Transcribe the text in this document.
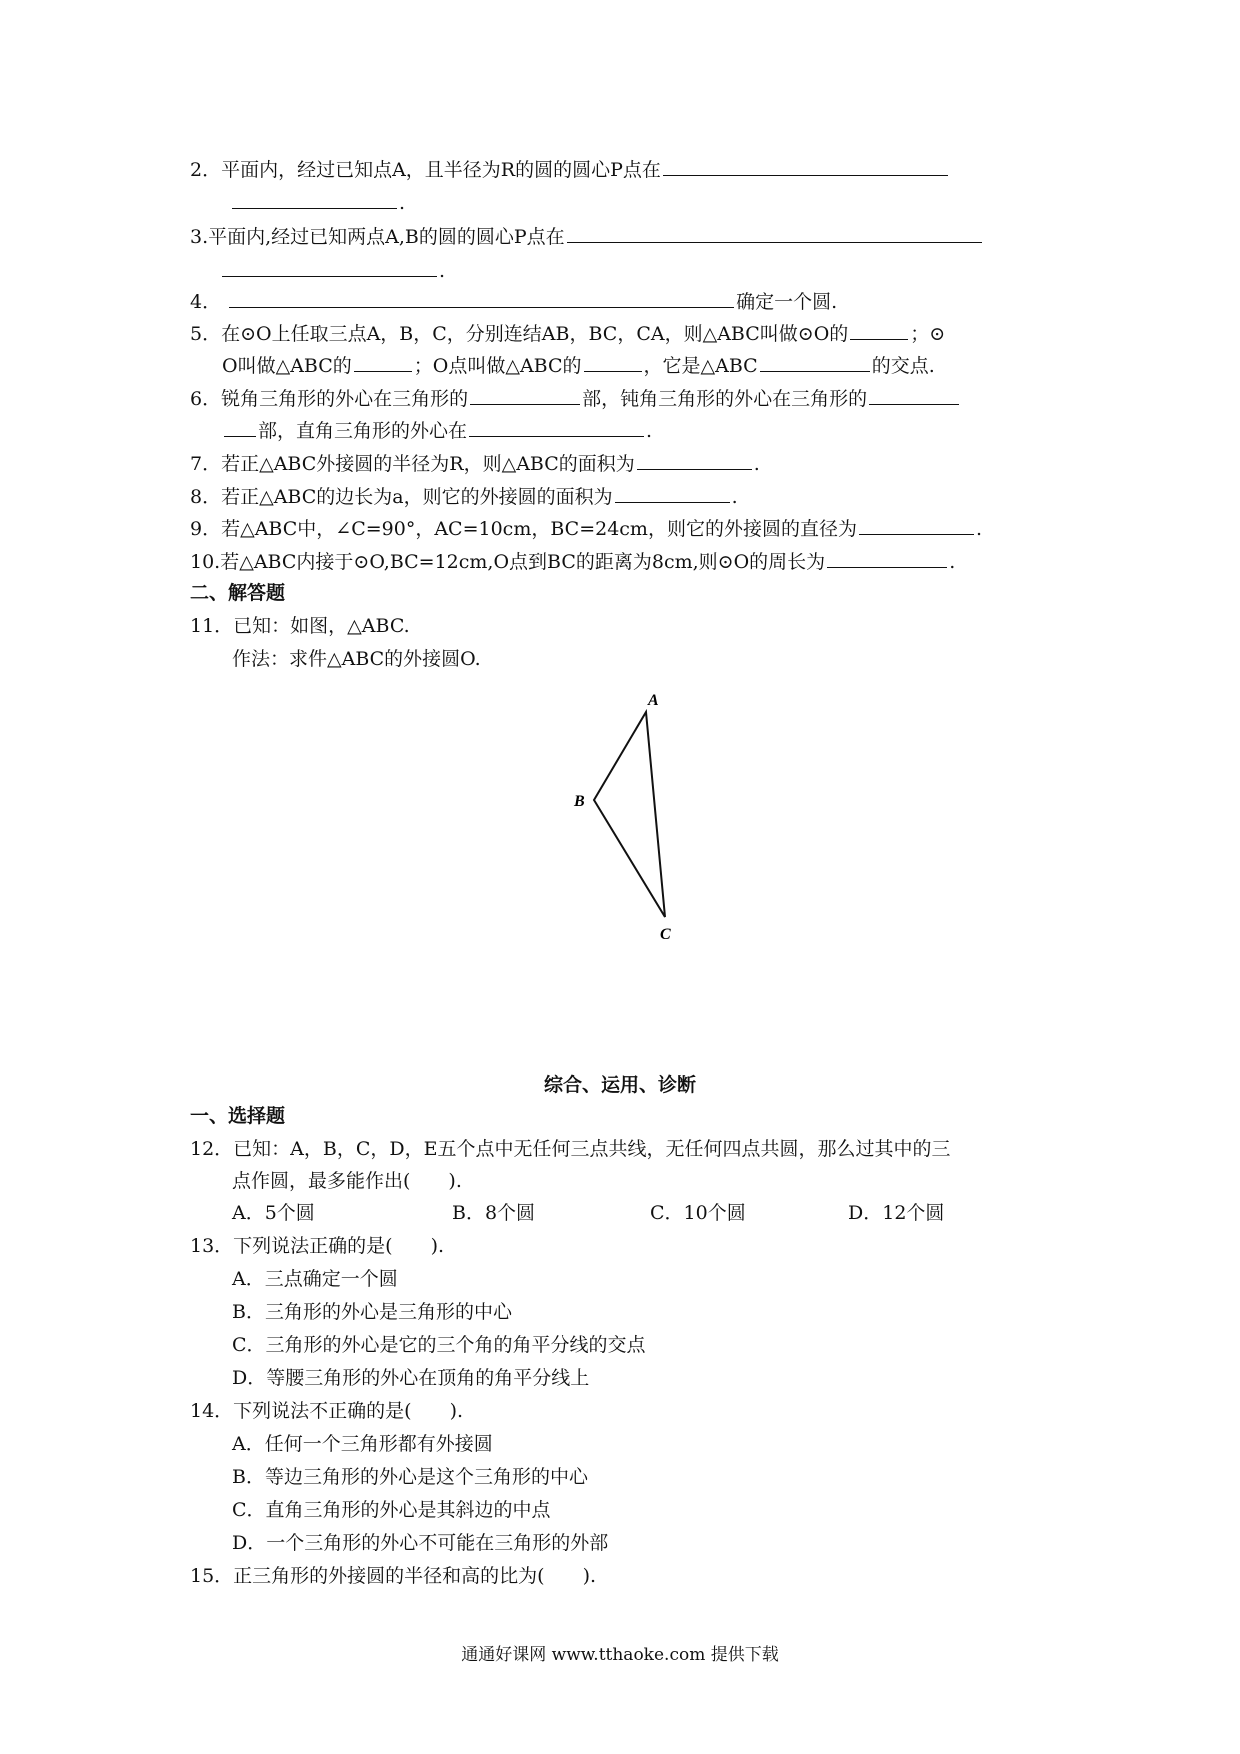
2．平面内，经过已知点A，且半径为R的圆的圆心P点在
.
3.平面内,经过已知两点A,B的圆的圆心P点在
.
4．	确定一个圆.
5．在⊙O上任取三点A，B，C，分别连结AB，BC，CA，则△ABC叫做⊙O的	；⊙
O叫做△ABC的	；O点叫做△ABC的	，它是△ABC	的交点.
6．锐角三角形的外心在三角形的	部，钝角三角形的外心在三角形的
部，直角三角形的外心在	.
7．若正△ABC外接圆的半径为R，则△ABC的面积为	.
8．若正△ABC的边长为a，则它的外接圆的面积为	.
9．若△ABC中，∠C=90°，AC=10cm，BC=24cm，则它的外接圆的直径为	.
10.若△ABC内接于⊙O,BC=12cm,O点到BC的距离为8cm,则⊙O的周长为	.
二、解答题
11．已知：如图，△ABC.
作法：求件△ABC的外接圆O.
A
B
C
综合、运用、诊断
一、选择题
12．已知：A，B，C，D，E五个点中无任何三点共线，无任何四点共圆，那么过其中的三
点作圆，最多能作出(　　).
A．5个圆	B．8个圆	C．10个圆	D．12个圆
13．下列说法正确的是(　　).
A．三点确定一个圆
B．三角形的外心是三角形的中心
C．三角形的外心是它的三个角的角平分线的交点
D．等腰三角形的外心在顶角的角平分线上
14．下列说法不正确的是(　　).
A．任何一个三角形都有外接圆
B．等边三角形的外心是这个三角形的中心
C．直角三角形的外心是其斜边的中点
D．一个三角形的外心不可能在三角形的外部
15．正三角形的外接圆的半径和高的比为(　　).
通通好课网 www.tthaoke.com 提供下载
